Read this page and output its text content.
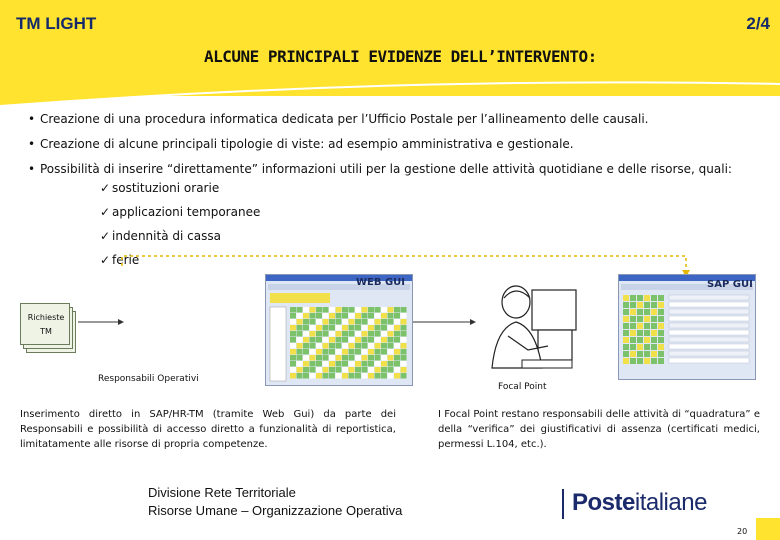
TM LIGHT	2/4
ALCUNE PRINCIPALI EVIDENZE DELL’INTERVENTO:
• Creazione di una procedura informatica dedicata per l’Ufficio Postale per l’allineamento delle causali.
• Creazione di alcune principali tipologie di viste: ad esempio amministrativa e gestionale.
• Possibilità di inserire “direttamente” informazioni utili per la gestione delle attività quotidiane e delle risorse, quali:
✓ sostituzioni orarie
✓ applicazioni temporanee
✓ indennità di cassa
✓ ferie
Richieste TM
WEB GUI	SAP GUI
Responsabili Operativi
Focal Point
Inserimento diretto in SAP/HR-TM (tramite Web Gui) da parte dei Responsabili e possibilità di accesso diretto a funzionalità di reportistica, limitatamente alle risorse di propria competenze.
I Focal Point restano responsabili delle attività di “quadratura” e della “verifica” dei giustificativi di assenza (certificati medici, permessi L.104, etc.).
Divisione Rete Territoriale
Risorse Umane – Organizzazione Operativa	Posteitaliane
20
